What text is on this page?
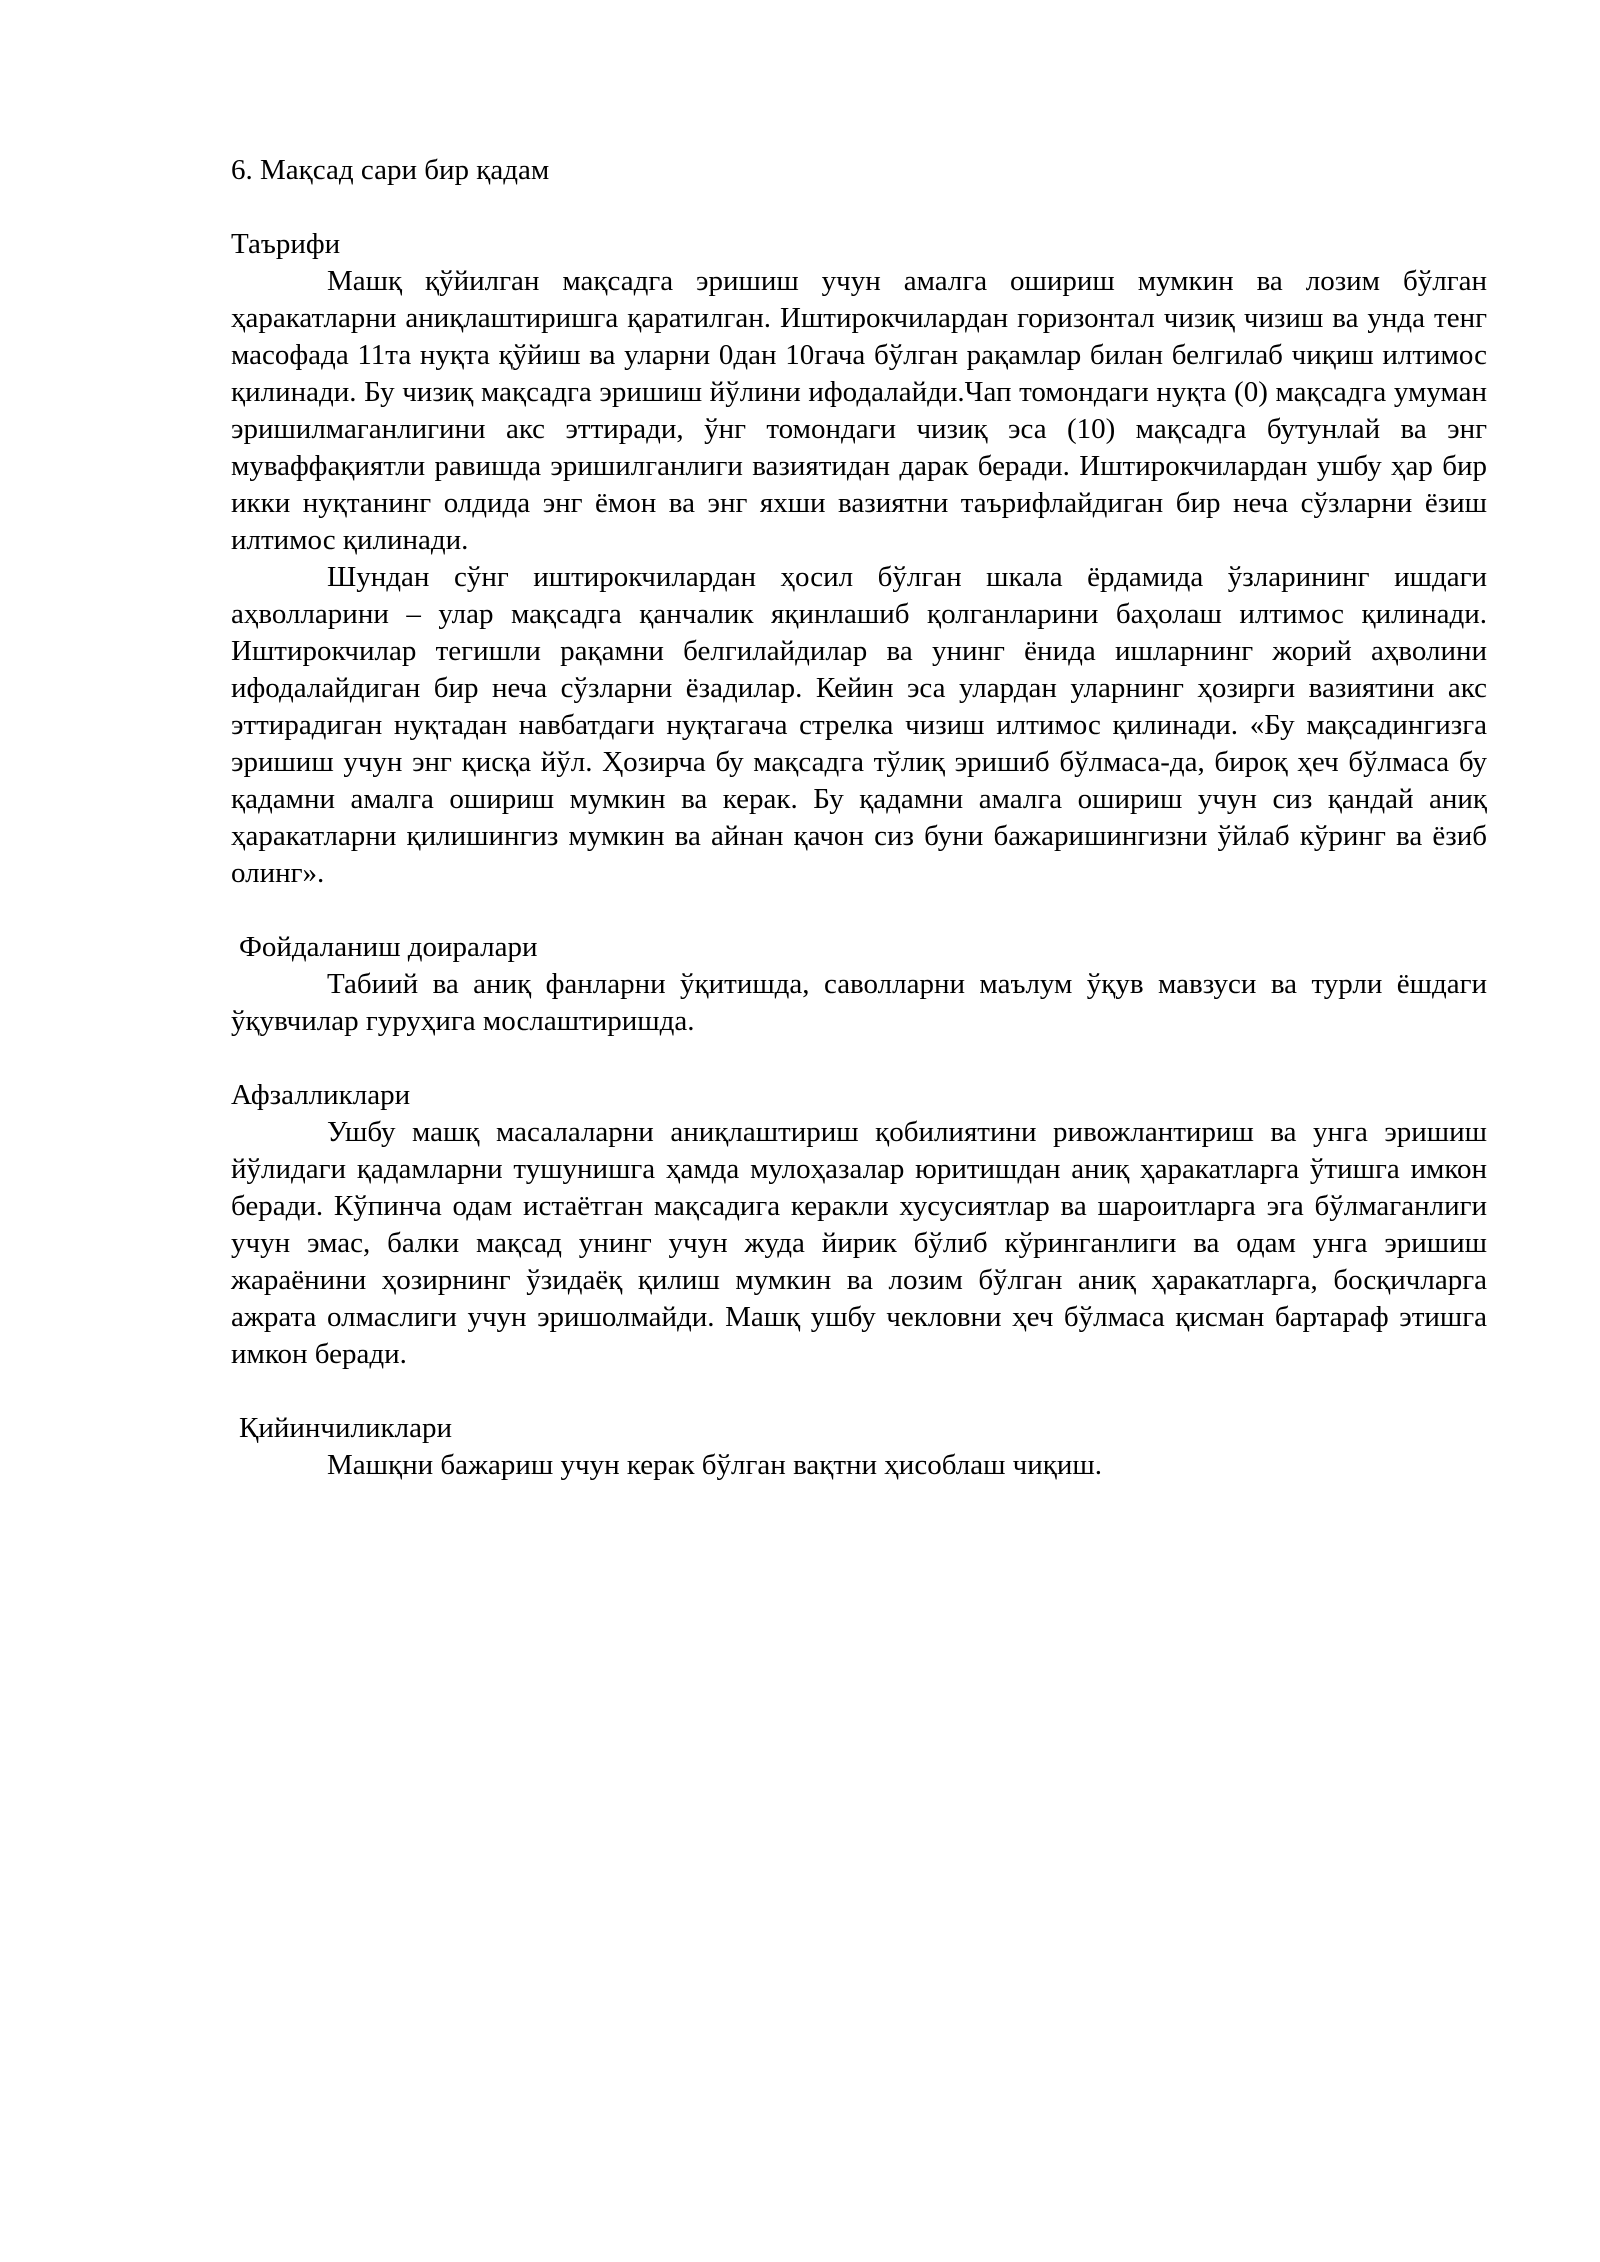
6. Мақсад сари бир қадам
Таърифи

Машқ қўйилган мақсадга эришиш учун амалга ошириш мумкин ва лозим бўлган ҳаракатларни аниқлаштиришга қаратилган. Иштирокчилардан горизонтал чизиқ чизиш ва унда тенг масофада 11та нуқта қўйиш ва уларни 0дан 10гача бўлган рақамлар билан белгилаб чиқиш илтимос қилинади. Бу чизиқ мақсадга эришиш йўлини ифодалайди.Чап томондаги нуқта (0) мақсадга умуман эришилмаганлигини акс эттиради, ўнг томондаги чизиқ эса (10) мақсадга бутунлай ва энг муваффақиятли равишда эришилганлиги вазиятидан дарак беради. Иштирокчилардан ушбу ҳар бир икки нуқтанинг олдида энг ёмон ва энг яхши вазиятни таърифлайдиган бир неча сўзларни ёзиш илтимос қилинади.

Шундан сўнг иштирокчилардан ҳосил бўлган шкала ёрдамида ўзларининг ишдаги аҳволларини – улар мақсадга қанчалик яқинлашиб қолганларини баҳолаш илтимос қилинади. Иштирокчилар тегишли рақамни белгилайдилар ва унинг ёнида ишларнинг жорий аҳволини ифодалайдиган бир неча сўзларни ёзадилар. Кейин эса улардан уларнинг ҳозирги вазиятини акс эттирадиган нуқтадан навбатдаги нуқтагача стрелка чизиш илтимос қилинади. «Бу мақсадингизга эришиш учун энг қисқа йўл. Ҳозирча бу мақсадга тўлиқ эришиб бўлмаса-да, бироқ ҳеч бўлмаса бу қадамни амалга ошириш мумкин ва керак. Бу қадамни амалга ошириш учун сиз қандай аниқ ҳаракатларни қилишингиз мумкин ва айнан қачон сиз буни бажаришингизни ўйлаб кўринг ва ёзиб олинг».

Фойдаланиш доиралари

Табиий ва аниқ фанларни ўқитишда, саволларни маълум ўқув мавзуси ва турли ёшдаги ўқувчилар гуруҳига мослаштиришда.

Афзалликлари

Ушбу машқ масалаларни аниқлаштириш қобилиятини ривожлантириш ва унга эришиш йўлидаги қадамларни тушунишга ҳамда мулоҳазалар юритишдан аниқ ҳаракатларга ўтишга имкон беради. Кўпинча одам истаётган мақсадига керакли хусусиятлар ва шароитларга эга бўлмаганлиги учун эмас, балки мақсад унинг учун жуда йирик бўлиб кўринганлиги ва одам унга эришиш жараёнини ҳозирнинг ўзидаёқ қилиш мумкин ва лозим бўлган аниқ ҳаракатларга, босқичларга ажрата олмаслиги учун эришолмайди. Машқ ушбу чекловни ҳеч бўлмаса қисман бартараф этишга имкон беради.

Қийинчиликлари

Машқни бажариш учун керак бўлган вақтни ҳисоблаш чиқиш.
